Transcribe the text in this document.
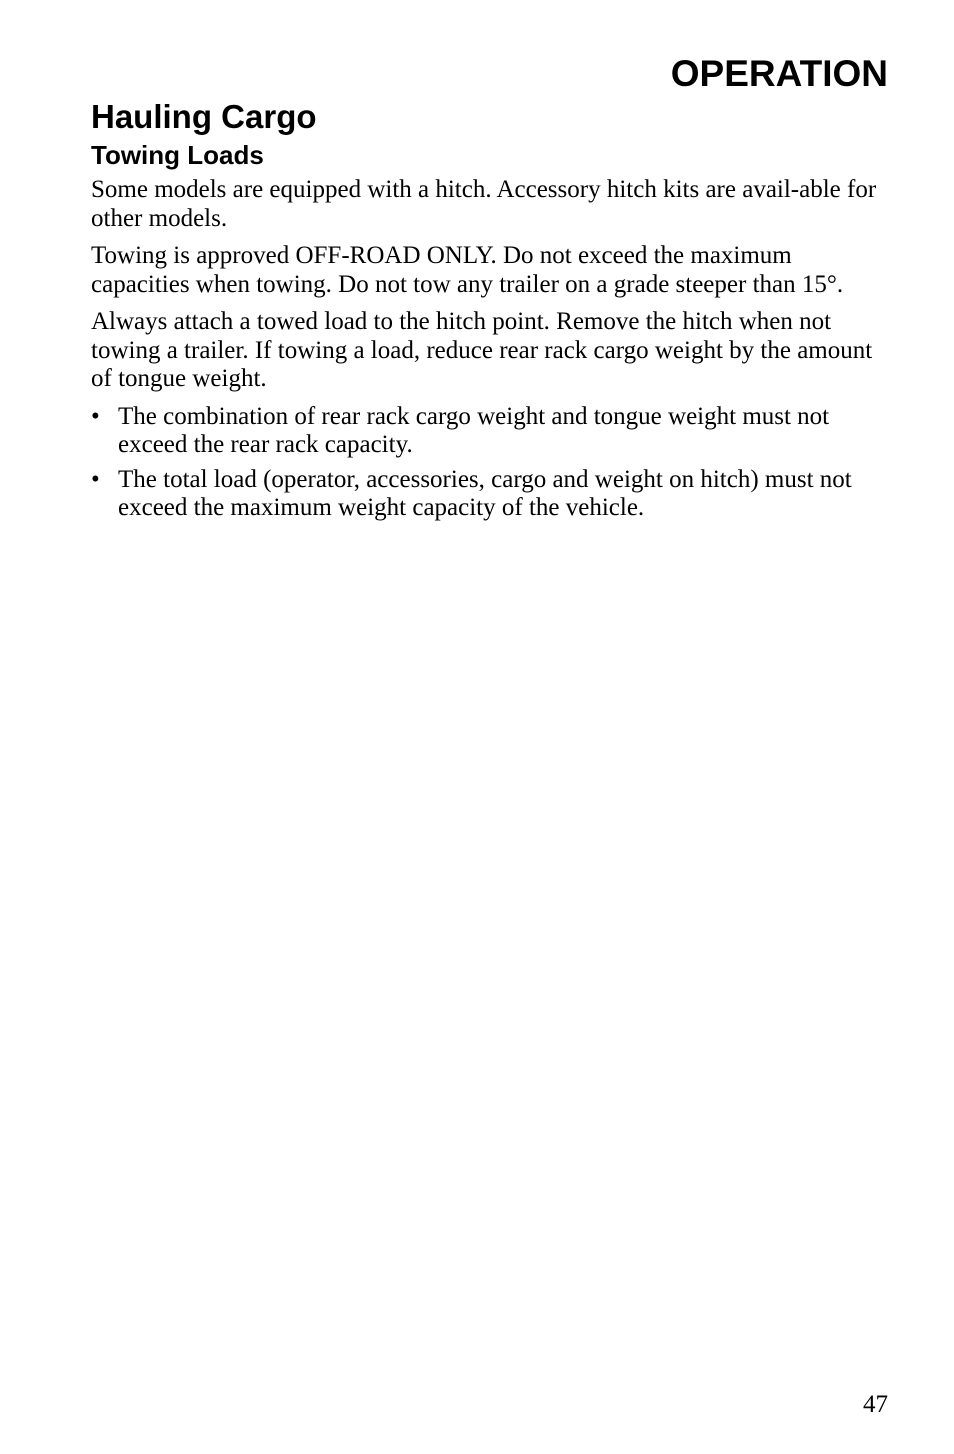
OPERATION
Hauling Cargo
Towing Loads

Some models are equipped with a hitch. Accessory hitch kits are avail-able for other models.

Towing is approved OFF-ROAD ONLY. Do not exceed the maximum capacities when towing. Do not tow any trailer on a grade steeper than 15°.

Always attach a towed load to the hitch point. Remove the hitch when not towing a trailer. If towing a load, reduce rear rack cargo weight by the amount of tongue weight.

• The combination of rear rack cargo weight and tongue weight must not exceed the rear rack capacity.
• The total load (operator, accessories, cargo and weight on hitch) must not exceed the maximum weight capacity of the vehicle.
47
